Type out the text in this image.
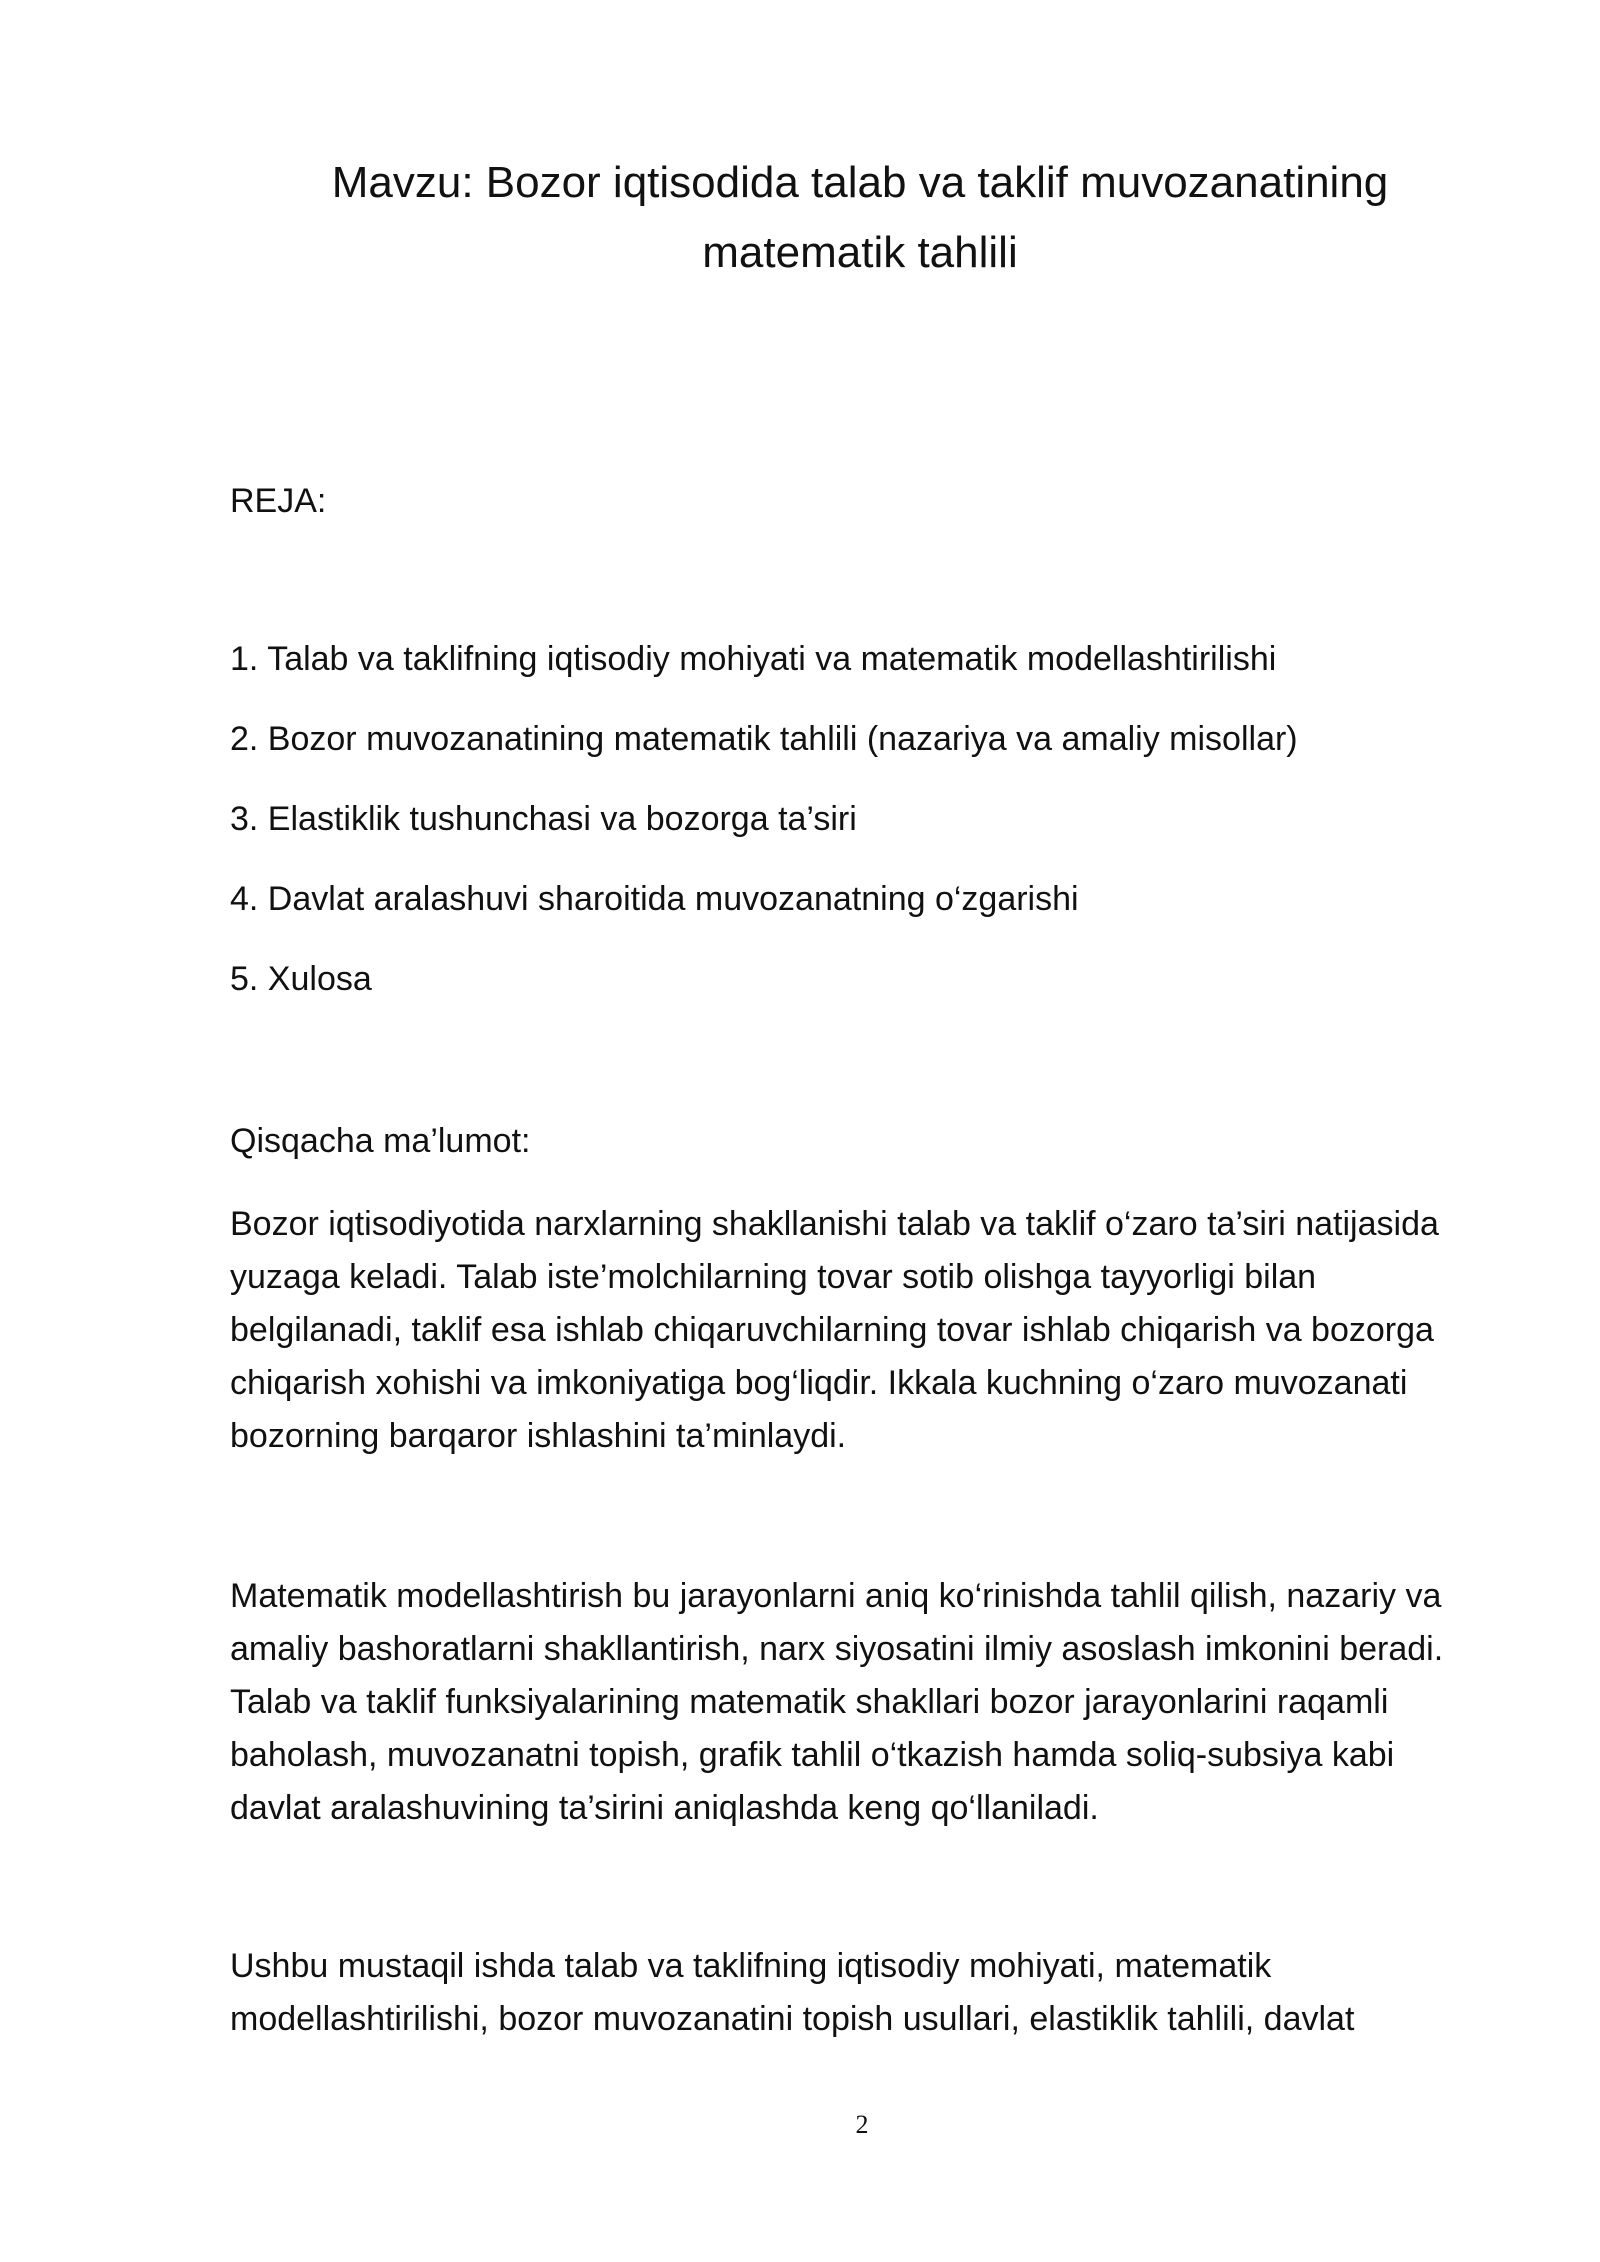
Mavzu: Bozor iqtisodida talab va taklif muvozanatining
matematik tahlili

REJA:

1. Talab va taklifning iqtisodiy mohiyati va matematik modellashtirilishi
2. Bozor muvozanatining matematik tahlili (nazariya va amaliy misollar)
3. Elastiklik tushunchasi va bozorga ta’siri
4. Davlat aralashuvi sharoitida muvozanatning o‘zgarishi
5. Xulosa

Qisqacha ma’lumot:

Bozor iqtisodiyotida narxlarning shakllanishi talab va taklif o‘zaro ta’siri natijasida
yuzaga keladi. Talab iste’molchilarning tovar sotib olishga tayyorligi bilan
belgilanadi, taklif esa ishlab chiqaruvchilarning tovar ishlab chiqarish va bozorga
chiqarish xohishi va imkoniyatiga bog‘liqdir. Ikkala kuchning o‘zaro muvozanati
bozorning barqaror ishlashini ta’minlaydi.

Matematik modellashtirish bu jarayonlarni aniq ko‘rinishda tahlil qilish, nazariy va
amaliy bashoratlarni shakllantirish, narx siyosatini ilmiy asoslash imkonini beradi.
Talab va taklif funksiyalarining matematik shakllari bozor jarayonlarini raqamli
baholash, muvozanatni topish, grafik tahlil o‘tkazish hamda soliq-subsiya kabi
davlat aralashuvining ta’sirini aniqlashda keng qo‘llaniladi.

Ushbu mustaqil ishda talab va taklifning iqtisodiy mohiyati, matematik
modellashtirilishi, bozor muvozanatini topish usullari, elastiklik tahlili, davlat

2
